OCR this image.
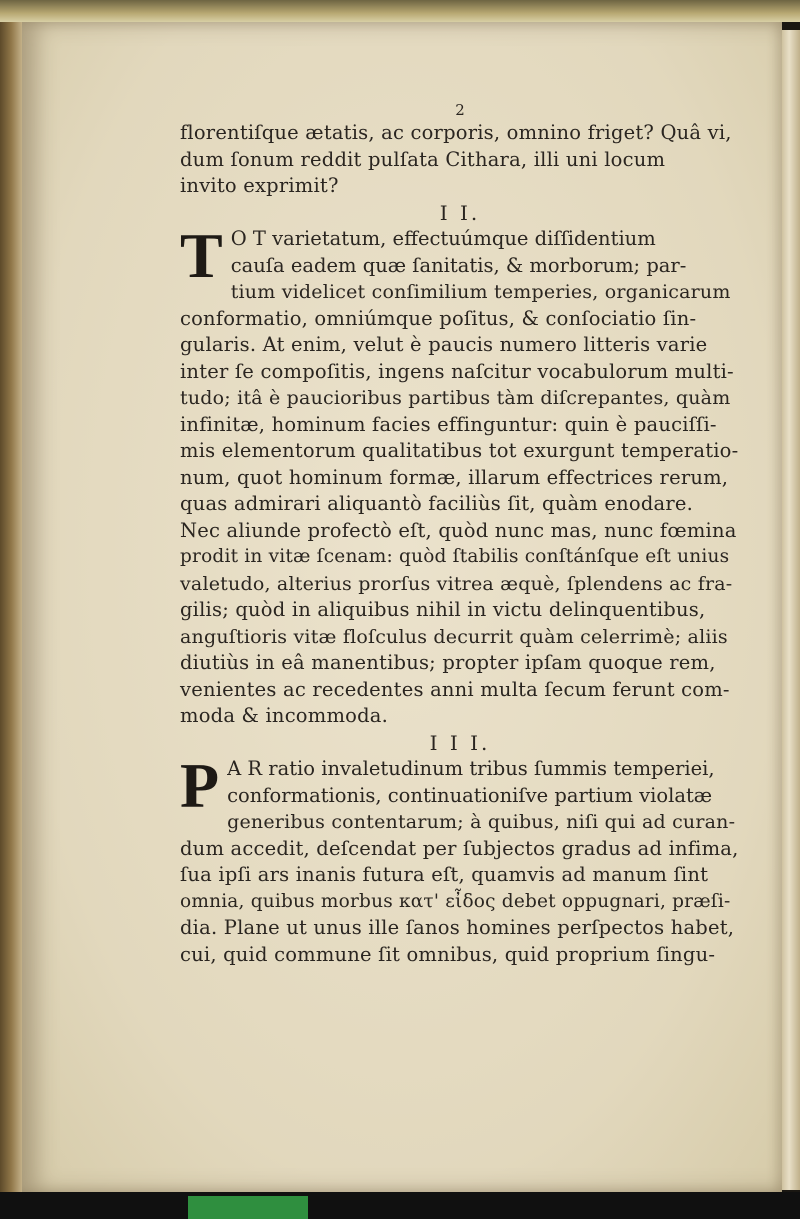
2
florentiſque ætatis, ac corporis, omnino friget? Quâ vi,
dum ſonum reddit pulſata Cithara, illi uni locum
invito exprimit?
I I.
T O T varietatum, effectuúmque diſſidentium
cauſa eadem quæ ſanitatis, & morborum; par-
tium videlicet conſimilium temperies, organicarum
conformatio, omniúmque poſitus, & conſociatio ſin-
gularis. At enim, velut è paucis numero litteris varie
inter ſe compoſitis, ingens naſcitur vocabulorum multi-
tudo; itâ è paucioribus partibus tàm diſcrepantes, quàm
infinitæ, hominum facies effinguntur: quin è pauciſſi-
mis elementorum qualitatibus tot exurgunt temperatio-
num, quot hominum formæ, illarum effectrices rerum,
quas admirari aliquantò faciliùs ſit, quàm enodare.
Nec aliunde profectò eſt, quòd nunc mas, nunc fœmina
prodit in vitæ ſcenam: quòd ſtabilis conſtánſque eſt unius
valetudo, alterius prorſus vitrea æquè, ſplendens ac fra-
gilis; quòd in aliquibus nihil in victu delinquentibus,
anguſtioris vitæ floſculus decurrit quàm celerrimè; aliis
diutiùs in eâ manentibus; propter ipſam quoque rem,
venientes ac recedentes anni multa ſecum ferunt com-
moda & incommoda.
I I I.
P A R ratio invaletudinum tribus ſummis temperiei,
conformationis, continuationiſve partium violatæ
generibus contentarum; à quibus, niſi qui ad curan-
dum accedit, deſcendat per ſubjectos gradus ad infima,
ſua ipſi ars inanis futura eſt, quamvis ad manum ſint
omnia, quibus morbus κατ' εἶδος debet oppugnari, præſi-
dia. Plane ut unus ille ſanos homines perſpectos habet,
cui, quid commune ſit omnibus, quid proprium ſingu-
